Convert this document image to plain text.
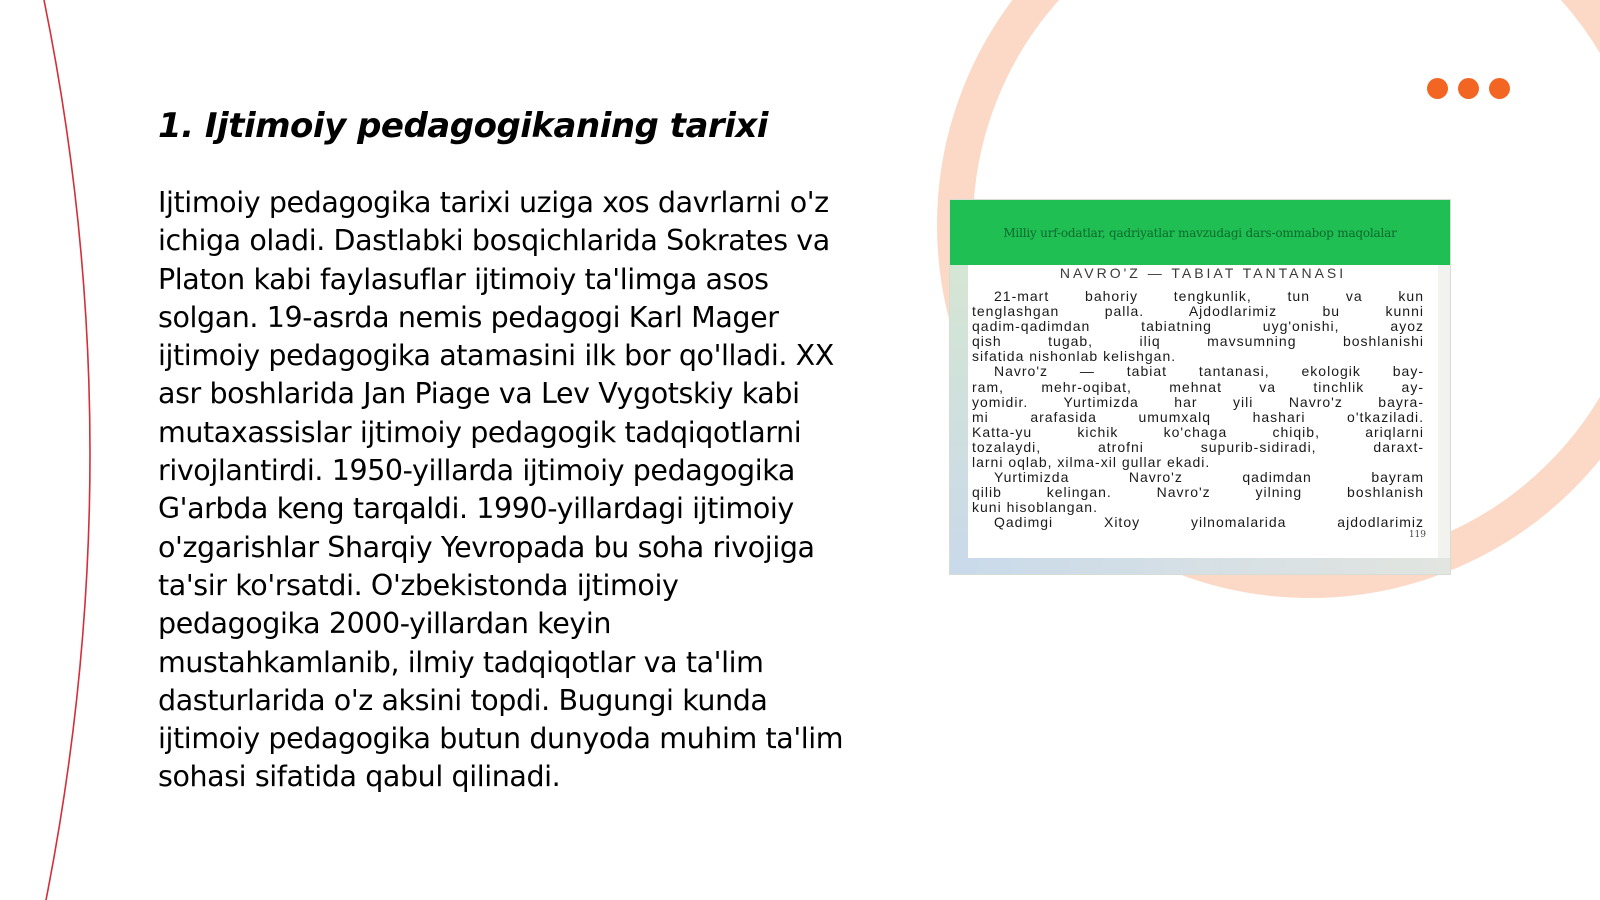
1. Ijtimoiy pedagogikaning tarixi

Ijtimoiy pedagogika tarixi uziga xos davrlarni o'z ichiga oladi. Dastlabki bosqichlarida Sokrates va Platon kabi faylasuflar ijtimoiy ta'limga asos solgan. 19-asrda nemis pedagogi Karl Mager ijtimoiy pedagogika atamasini ilk bor qo'lladi. XX asr boshlarida Jan Piage va Lev Vygotskiy kabi mutaxassislar ijtimoiy pedagogik tadqiqotlarni rivojlantirdi. 1950-yillarda ijtimoiy pedagogika G'arbda keng tarqaldi. 1990-yillardagi ijtimoiy o'zgarishlar Sharqiy Yevropada bu soha rivojiga ta'sir ko'rsatdi. O'zbekistonda ijtimoiy pedagogika 2000-yillardan keyin mustahkamlanib, ilmiy tadqiqotlar va ta'lim dasturlarida o'z aksini topdi. Bugungi kunda ijtimoiy pedagogika butun dunyoda muhim ta'lim sohasi sifatida qabul qilinadi.

Milliy urf-odatlar, qadriyatlar mavzudagi dars-ommabop maqolalar
NAVRO'Z — TABIAT TANTANASI
21-mart bahoriy tengkunlik, tun va kun
tenglashgan palla. Ajdodlarimiz bu kunni
qadim-qadimdan tabiatning uyg'onishi, ayoz
qish tugab, iliq mavsumning boshlanishi
sifatida nishonlab kelishgan.
Navro'z — tabiat tantanasi, ekologik bay-
ram, mehr-oqibat, mehnat va tinchlik ay-
yomidir. Yurtimizda har yili Navro'z bayra-
mi arafasida umumxalq hashari o'tkaziladi.
Katta-yu kichik ko'chaga chiqib, ariqlarni
tozalaydi, atrofni supurib-sidiradi, daraxt-
larni oqlab, xilma-xil gullar ekadi.
Yurtimizda Navro'z qadimdan bayram
qilib kelingan. Navro'z yilning boshlanish
kuni hisoblangan.
Qadimgi Xitoy yilnomalarida ajdodlarimiz
119
